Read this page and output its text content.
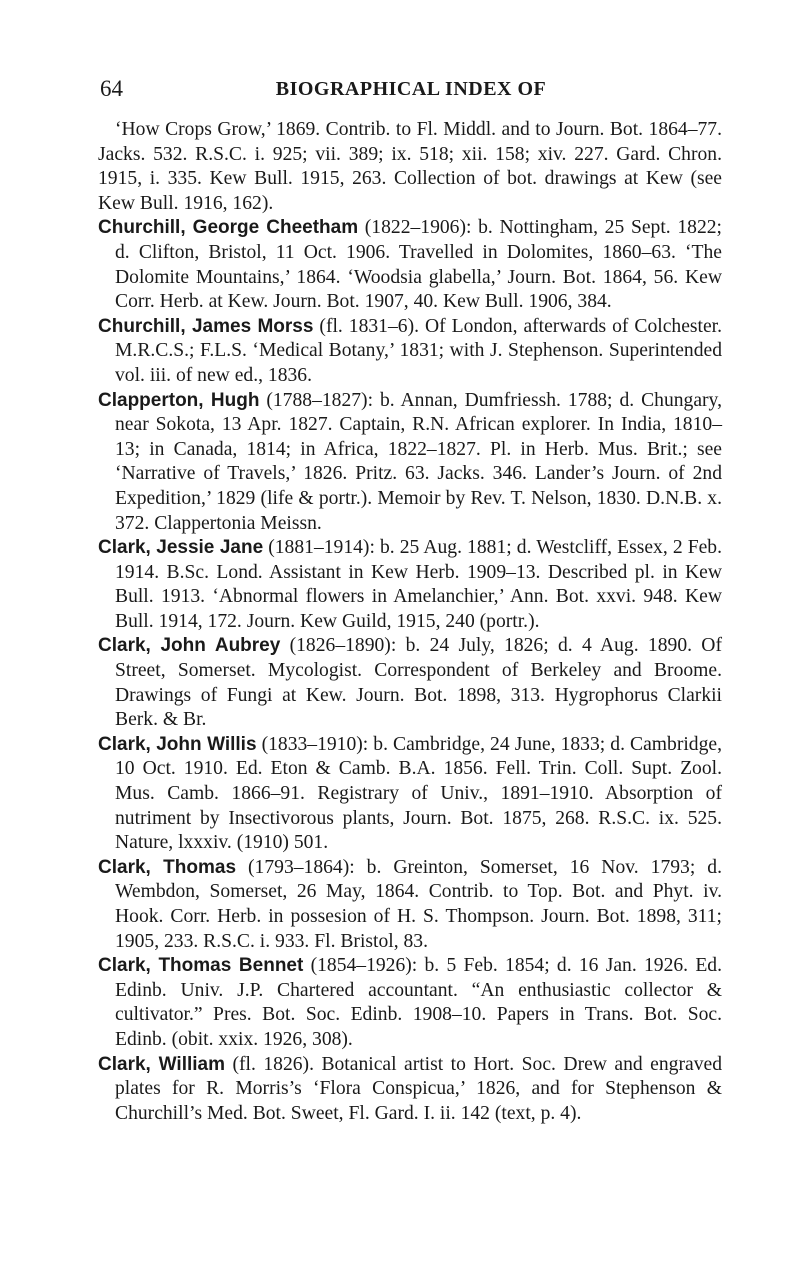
64	BIOGRAPHICAL INDEX OF

‘How Crops Grow,’ 1869. Contrib. to Fl. Middl. and to Journ. Bot. 1864–77. Jacks. 532. R.S.C. i. 925; vii. 389; ix. 518; xii. 158; xiv. 227. Gard. Chron. 1915, i. 335. Kew Bull. 1915, 263. Collection of bot. drawings at Kew (see Kew Bull. 1916, 162).

Churchill, George Cheetham (1822–1906): b. Nottingham, 25 Sept. 1822; d. Clifton, Bristol, 11 Oct. 1906. Travelled in Dolomites, 1860–63. ‘The Dolomite Mountains,’ 1864. ‘Woodsia glabella,’ Journ. Bot. 1864, 56. Kew Corr. Herb. at Kew. Journ. Bot. 1907, 40. Kew Bull. 1906, 384.

Churchill, James Morss (fl. 1831–6). Of London, afterwards of Colchester. M.R.C.S.; F.L.S. ‘Medical Botany,’ 1831; with J. Stephenson. Superintended vol. iii. of new ed., 1836.

Clapperton, Hugh (1788–1827): b. Annan, Dumfriessh. 1788; d. Chungary, near Sokota, 13 Apr. 1827. Captain, R.N. African explorer. In India, 1810–13; in Canada, 1814; in Africa, 1822–1827. Pl. in Herb. Mus. Brit.; see ‘Narrative of Travels,’ 1826. Pritz. 63. Jacks. 346. Lander’s Journ. of 2nd Expedition,’ 1829 (life & portr.). Memoir by Rev. T. Nelson, 1830. D.N.B. x. 372. Clappertonia Meissn.

Clark, Jessie Jane (1881–1914): b. 25 Aug. 1881; d. Westcliff, Essex, 2 Feb. 1914. B.Sc. Lond. Assistant in Kew Herb. 1909–13. Described pl. in Kew Bull. 1913. ‘Abnormal flowers in Amelanchier,’ Ann. Bot. xxvi. 948. Kew Bull. 1914, 172. Journ. Kew Guild, 1915, 240 (portr.).

Clark, John Aubrey (1826–1890): b. 24 July, 1826; d. 4 Aug. 1890. Of Street, Somerset. Mycologist. Correspondent of Berkeley and Broome. Drawings of Fungi at Kew. Journ. Bot. 1898, 313. Hygrophorus Clarkii Berk. & Br.

Clark, John Willis (1833–1910): b. Cambridge, 24 June, 1833; d. Cambridge, 10 Oct. 1910. Ed. Eton & Camb. B.A. 1856. Fell. Trin. Coll. Supt. Zool. Mus. Camb. 1866–91. Registrary of Univ., 1891–1910. Absorption of nutriment by Insectivorous plants, Journ. Bot. 1875, 268. R.S.C. ix. 525. Nature, lxxxiv. (1910) 501.

Clark, Thomas (1793–1864): b. Greinton, Somerset, 16 Nov. 1793; d. Wembdon, Somerset, 26 May, 1864. Contrib. to Top. Bot. and Phyt. iv. Hook. Corr. Herb. in possesion of H. S. Thompson. Journ. Bot. 1898, 311; 1905, 233. R.S.C. i. 933. Fl. Bristol, 83.

Clark, Thomas Bennet (1854–1926): b. 5 Feb. 1854; d. 16 Jan. 1926. Ed. Edinb. Univ. J.P. Chartered accountant. “An enthusiastic collector & cultivator.” Pres. Bot. Soc. Edinb. 1908–10. Papers in Trans. Bot. Soc. Edinb. (obit. xxix. 1926, 308).

Clark, William (fl. 1826). Botanical artist to Hort. Soc. Drew and engraved plates for R. Morris’s ‘Flora Conspicua,’ 1826, and for Stephenson & Churchill’s Med. Bot. Sweet, Fl. Gard. I. ii. 142 (text, p. 4).
